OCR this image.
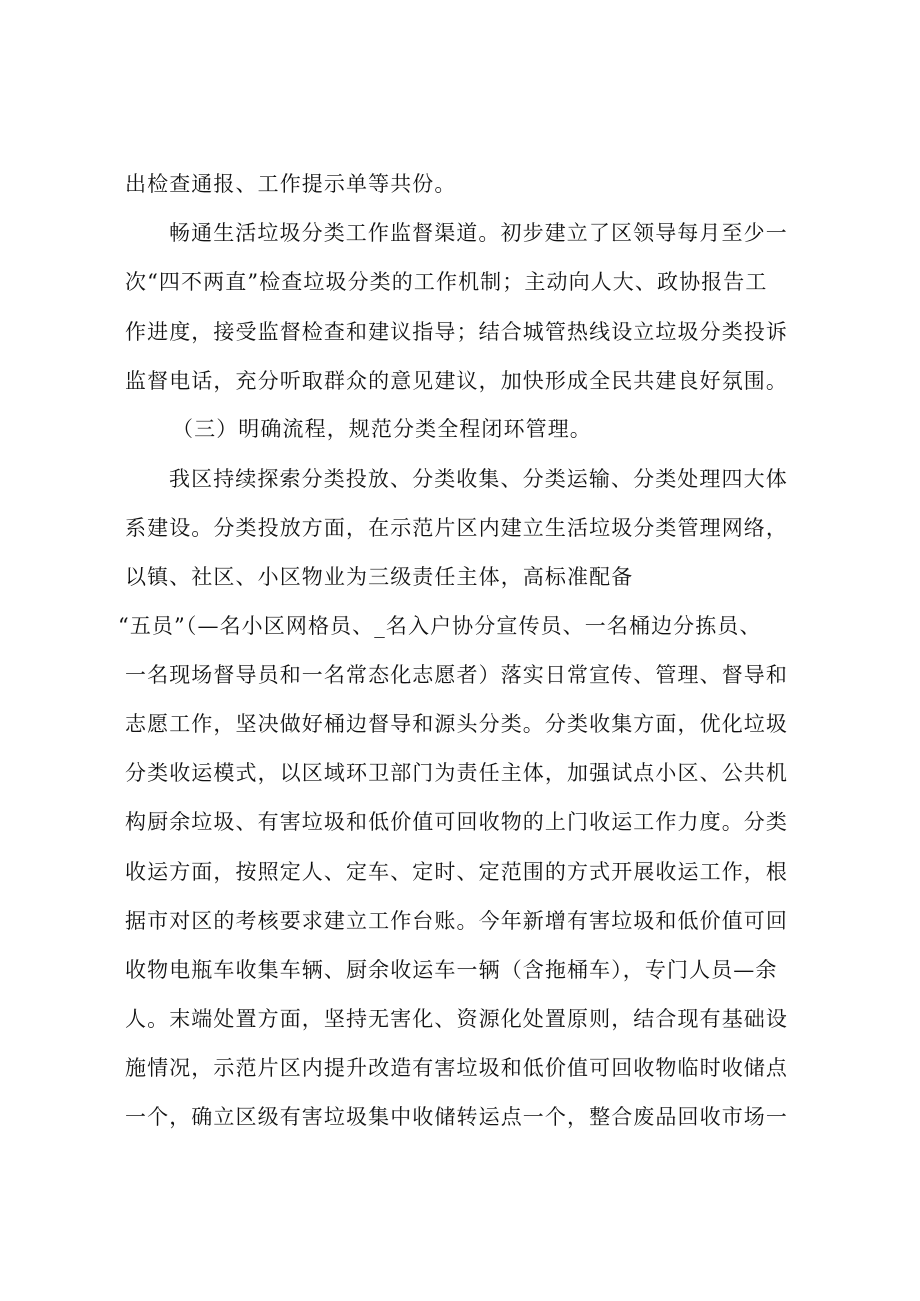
出检查通报、工作提示单等共份。
畅通生活垃圾分类工作监督渠道。初步建立了区领导每月至少一
次“四不两直”检查垃圾分类的工作机制；主动向人大、政协报告工
作进度，接受监督检查和建议指导；结合城管热线设立垃圾分类投诉
监督电话，充分听取群众的意见建议，加快形成全民共建良好氛围。
（三）明确流程，规范分类全程闭环管理。
我区持续探索分类投放、分类收集、分类运输、分类处理四大体
系建设。分类投放方面，在示范片区内建立生活垃圾分类管理网络，
以镇、社区、小区物业为三级责任主体，高标准配备
“五员”（—名小区网格员、_名入户协分宣传员、一名桶边分拣员、
一名现场督导员和一名常态化志愿者）落实日常宣传、管理、督导和
志愿工作，坚决做好桶边督导和源头分类。分类收集方面，优化垃圾
分类收运模式，以区域环卫部门为责任主体，加强试点小区、公共机
构厨余垃圾、有害垃圾和低价值可回收物的上门收运工作力度。分类
收运方面，按照定人、定车、定时、定范围的方式开展收运工作，根
据市对区的考核要求建立工作台账。今年新增有害垃圾和低价值可回
收物电瓶车收集车辆、厨余收运车一辆（含拖桶车），专门人员—余
人。末端处置方面，坚持无害化、资源化处置原则，结合现有基础设
施情况，示范片区内提升改造有害垃圾和低价值可回收物临时收储点
一个，确立区级有害垃圾集中收储转运点一个，整合废品回收市场一
